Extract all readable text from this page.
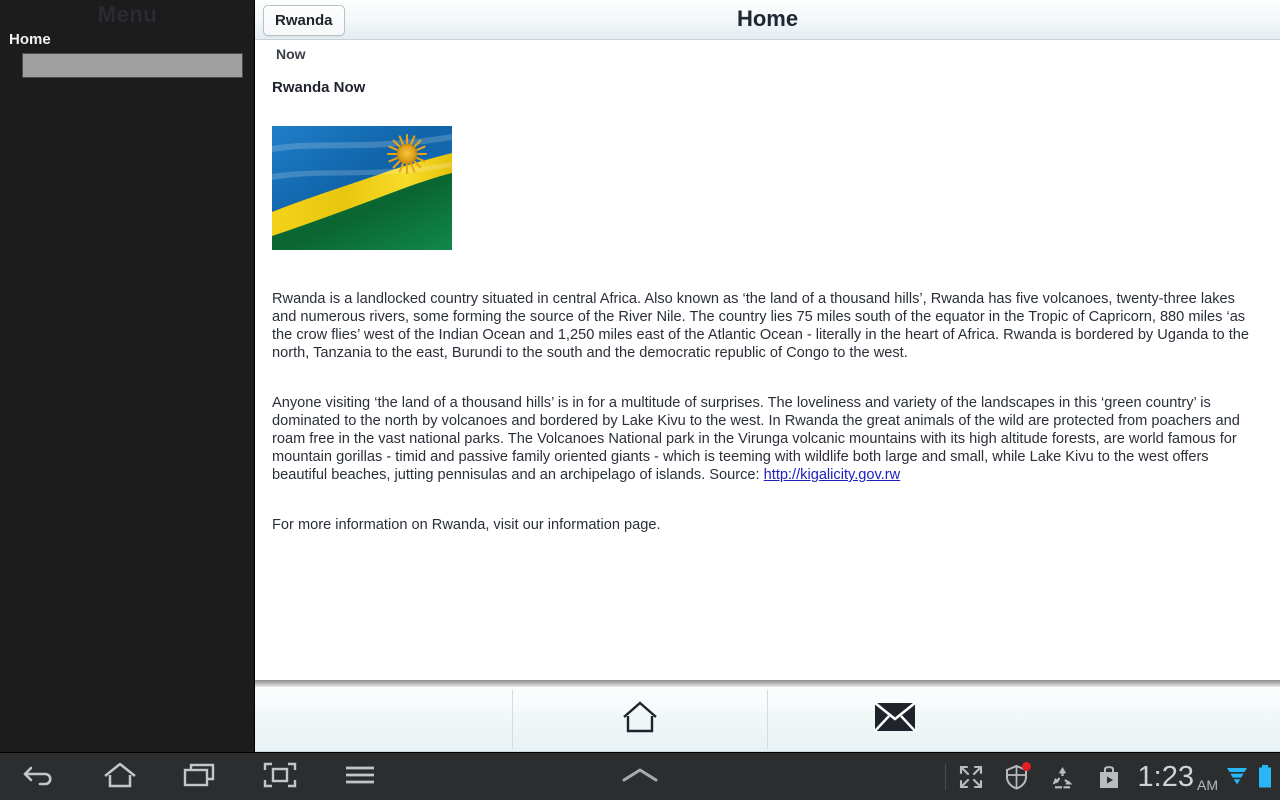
Menu
Home
Home
Rwanda
Now
Rwanda Now

Rwanda is a landlocked country situated in central Africa. Also known as ‘the land of a thousand hills’, Rwanda has five volcanoes, twenty-three lakes and numerous rivers, some forming the source of the River Nile. The country lies 75 miles south of the equator in the Tropic of Capricorn, 880 miles ‘as the crow flies’ west of the Indian Ocean and 1,250 miles east of the Atlantic Ocean - literally in the heart of Africa. Rwanda is bordered by Uganda to the north, Tanzania to the east, Burundi to the south and the democratic republic of Congo to the west.

Anyone visiting ‘the land of a thousand hills’ is in for a multitude of surprises. The loveliness and variety of the landscapes in this ‘green country’ is dominated to the north by volcanoes and bordered by Lake Kivu to the west. In Rwanda the great animals of the wild are protected from poachers and roam free in the vast national parks. The Volcanoes National park in the Virunga volcanic mountains with its high altitude forests, are world famous for mountain gorillas - timid and passive family oriented giants - which is teeming with wildlife both large and small, while Lake Kivu to the west offers beautiful beaches, jutting pennisulas and an archipelago of islands. Source: http://kigalicity.gov.rw

For more information on Rwanda, visit our information page.

1:23 AM
